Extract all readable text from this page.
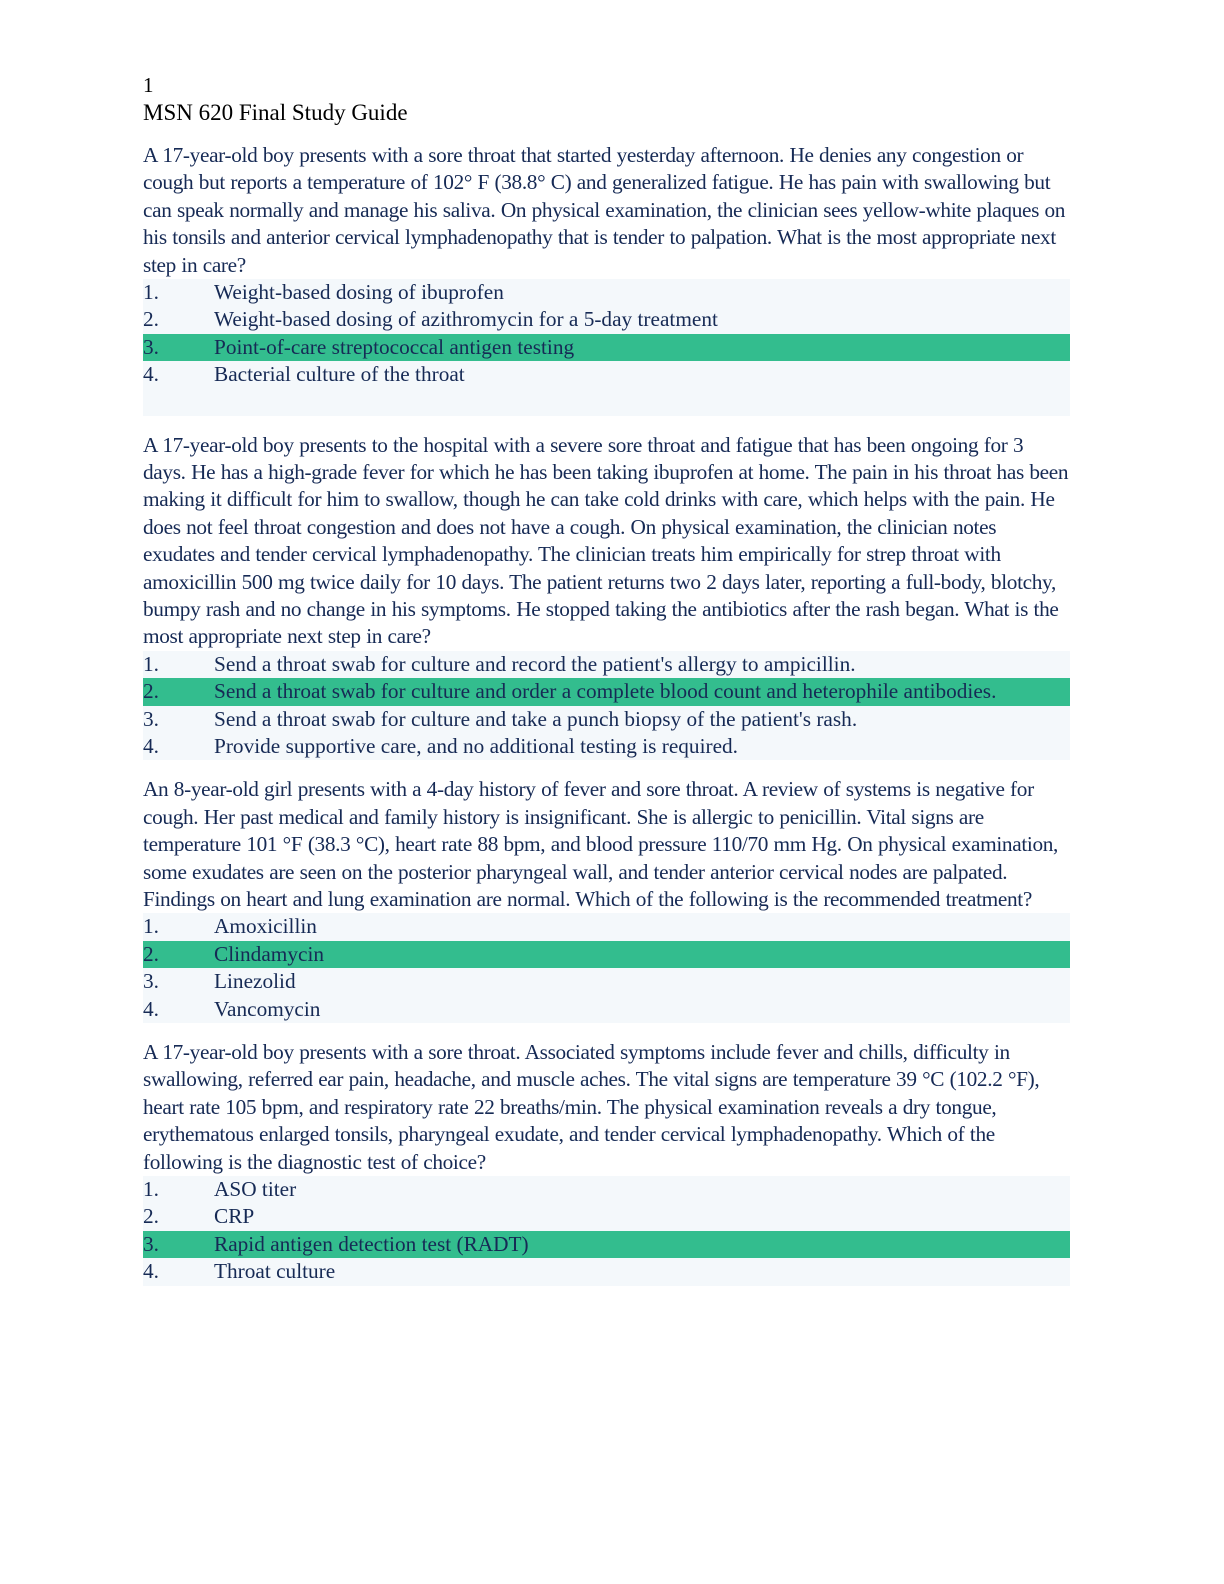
1
MSN 620 Final Study Guide
A 17-year-old boy presents with a sore throat that started yesterday afternoon. He denies any congestion or cough but reports a temperature of 102° F (38.8° C) and generalized fatigue. He has pain with swallowing but can speak normally and manage his saliva. On physical examination, the clinician sees yellow-white plaques on his tonsils and anterior cervical lymphadenopathy that is tender to palpation. What is the most appropriate next step in care?
1.	Weight-based dosing of ibuprofen
2.	Weight-based dosing of azithromycin for a 5-day treatment
3.	Point-of-care streptococcal antigen testing
4.	Bacterial culture of the throat
A 17-year-old boy presents to the hospital with a severe sore throat and fatigue that has been ongoing for 3 days. He has a high-grade fever for which he has been taking ibuprofen at home. The pain in his throat has been making it difficult for him to swallow, though he can take cold drinks with care, which helps with the pain. He does not feel throat congestion and does not have a cough. On physical examination, the clinician notes exudates and tender cervical lymphadenopathy. The clinician treats him empirically for strep throat with amoxicillin 500 mg twice daily for 10 days. The patient returns two 2 days later, reporting a full-body, blotchy, bumpy rash and no change in his symptoms. He stopped taking the antibiotics after the rash began. What is the most appropriate next step in care?
1.	Send a throat swab for culture and record the patient's allergy to ampicillin.
2.	Send a throat swab for culture and order a complete blood count and heterophile antibodies.
3.	Send a throat swab for culture and take a punch biopsy of the patient's rash.
4.	Provide supportive care, and no additional testing is required.
An 8-year-old girl presents with a 4-day history of fever and sore throat. A review of systems is negative for cough. Her past medical and family history is insignificant. She is allergic to penicillin. Vital signs are temperature 101 °F (38.3 °C), heart rate 88 bpm, and blood pressure 110/70 mm Hg. On physical examination, some exudates are seen on the posterior pharyngeal wall, and tender anterior cervical nodes are palpated. Findings on heart and lung examination are normal. Which of the following is the recommended treatment?
1.	Amoxicillin
2.	Clindamycin
3.	Linezolid
4.	Vancomycin
A 17-year-old boy presents with a sore throat. Associated symptoms include fever and chills, difficulty in swallowing, referred ear pain, headache, and muscle aches. The vital signs are temperature 39 °C (102.2 °F), heart rate 105 bpm, and respiratory rate 22 breaths/min. The physical examination reveals a dry tongue, erythematous enlarged tonsils, pharyngeal exudate, and tender cervical lymphadenopathy. Which of the following is the diagnostic test of choice?
1.	ASO titer
2.	CRP
3.	Rapid antigen detection test (RADT)
4.	Throat culture
